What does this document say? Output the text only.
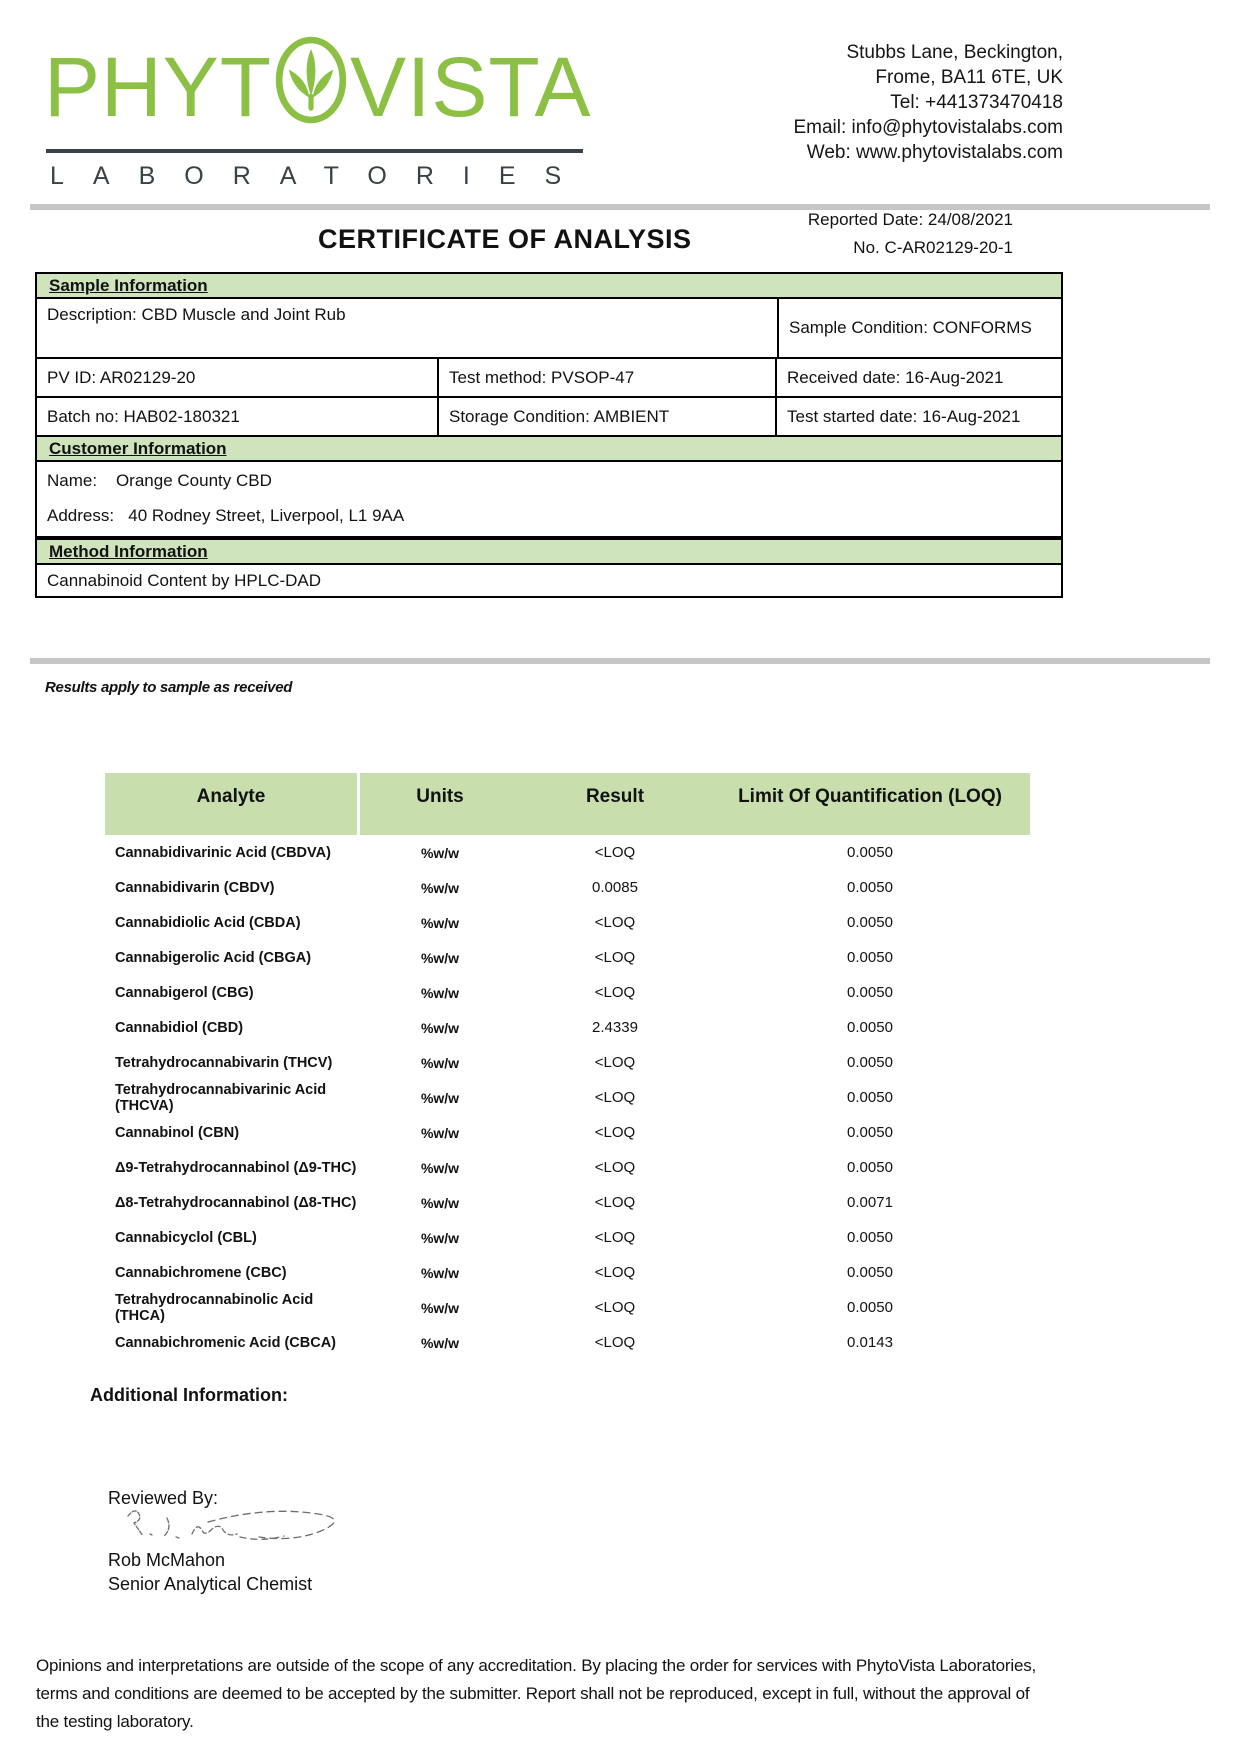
PHYT VISTA
LABORATORIES
Stubbs Lane, Beckington,
Frome, BA11 6TE, UK
Tel: +441373470418
Email: info@phytovistalabs.com
Web: www.phytovistalabs.com
Reported Date: 24/08/2021
No. C-AR02129-20-1
CERTIFICATE OF ANALYSIS
Sample Information
Description: CBD Muscle and Joint Rub
Sample Condition: CONFORMS
PV ID: AR02129-20	Test method: PVSOP-47	Received date: 16-Aug-2021
Batch no: HAB02-180321	Storage Condition: AMBIENT	Test started date: 16-Aug-2021
Customer Information
Name:    Orange County CBD
Address:   40 Rodney Street, Liverpool, L1 9AA
Method Information
Cannabinoid Content by HPLC-DAD
Results apply to sample as received
Analyte	Units	Result	Limit Of Quantification (LOQ)
Cannabidivarinic Acid (CBDVA)	%w/w	<LOQ	0.0050
Cannabidivarin (CBDV)	%w/w	0.0085	0.0050
Cannabidiolic Acid (CBDA)	%w/w	<LOQ	0.0050
Cannabigerolic Acid (CBGA)	%w/w	<LOQ	0.0050
Cannabigerol (CBG)	%w/w	<LOQ	0.0050
Cannabidiol (CBD)	%w/w	2.4339	0.0050
Tetrahydrocannabivarin (THCV)	%w/w	<LOQ	0.0050
Tetrahydrocannabivarinic Acid (THCVA)	%w/w	<LOQ	0.0050
Cannabinol (CBN)	%w/w	<LOQ	0.0050
Δ9-Tetrahydrocannabinol (Δ9-THC)	%w/w	<LOQ	0.0050
Δ8-Tetrahydrocannabinol (Δ8-THC)	%w/w	<LOQ	0.0071
Cannabicyclol (CBL)	%w/w	<LOQ	0.0050
Cannabichromene (CBC)	%w/w	<LOQ	0.0050
Tetrahydrocannabinolic Acid (THCA)	%w/w	<LOQ	0.0050
Cannabichromenic Acid (CBCA)	%w/w	<LOQ	0.0143
Additional Information:
Reviewed By:
Rob McMahon
Senior Analytical Chemist
Opinions and interpretations are outside of the scope of any accreditation. By placing the order for services with PhytoVista Laboratories,
terms and conditions are deemed to be accepted by the submitter. Report shall not be reproduced, except in full, without the approval of
the testing laboratory.
